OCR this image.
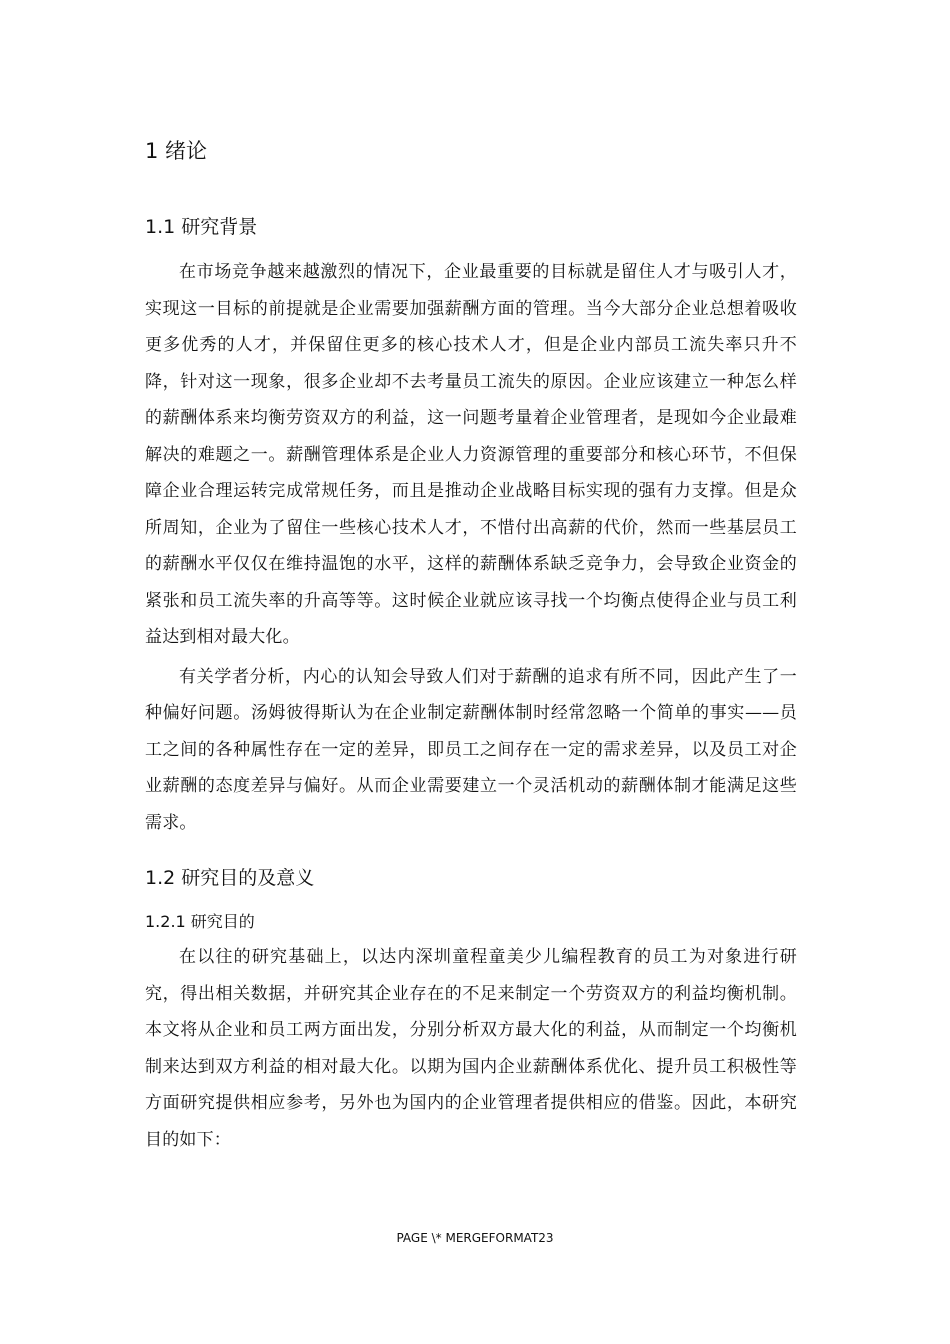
1 绪论
1.1 研究背景

在市场竞争越来越激烈的情况下，企业最重要的目标就是留住人才与吸引人才，实现这一目标的前提就是企业需要加强薪酬方面的管理。当今大部分企业总想着吸收更多优秀的人才，并保留住更多的核心技术人才，但是企业内部员工流失率只升不降，针对这一现象，很多企业却不去考量员工流失的原因。企业应该建立一种怎么样的薪酬体系来均衡劳资双方的利益，这一问题考量着企业管理者，是现如今企业最难解决的难题之一。薪酬管理体系是企业人力资源管理的重要部分和核心环节，不但保障企业合理运转完成常规任务，而且是推动企业战略目标实现的强有力支撑。但是众所周知，企业为了留住一些核心技术人才，不惜付出高薪的代价，然而一些基层员工的薪酬水平仅仅在维持温饱的水平，这样的薪酬体系缺乏竞争力，会导致企业资金的紧张和员工流失率的升高等等。这时候企业就应该寻找一个均衡点使得企业与员工利益达到相对最大化。

有关学者分析，内心的认知会导致人们对于薪酬的追求有所不同，因此产生了一种偏好问题。汤姆彼得斯认为在企业制定薪酬体制时经常忽略一个简单的事实——员工之间的各种属性存在一定的差异，即员工之间存在一定的需求差异，以及员工对企业薪酬的态度差异与偏好。从而企业需要建立一个灵活机动的薪酬体制才能满足这些需求。

1.2 研究目的及意义
1.2.1 研究目的

在以往的研究基础上，以达内深圳童程童美少儿编程教育的员工为对象进行研究，得出相关数据，并研究其企业存在的不足来制定一个劳资双方的利益均衡机制。本文将从企业和员工两方面出发，分别分析双方最大化的利益，从而制定一个均衡机制来达到双方利益的相对最大化。以期为国内企业薪酬体系优化、提升员工积极性等方面研究提供相应参考，另外也为国内的企业管理者提供相应的借鉴。因此，本研究目的如下：

PAGE \* MERGEFORMAT23
